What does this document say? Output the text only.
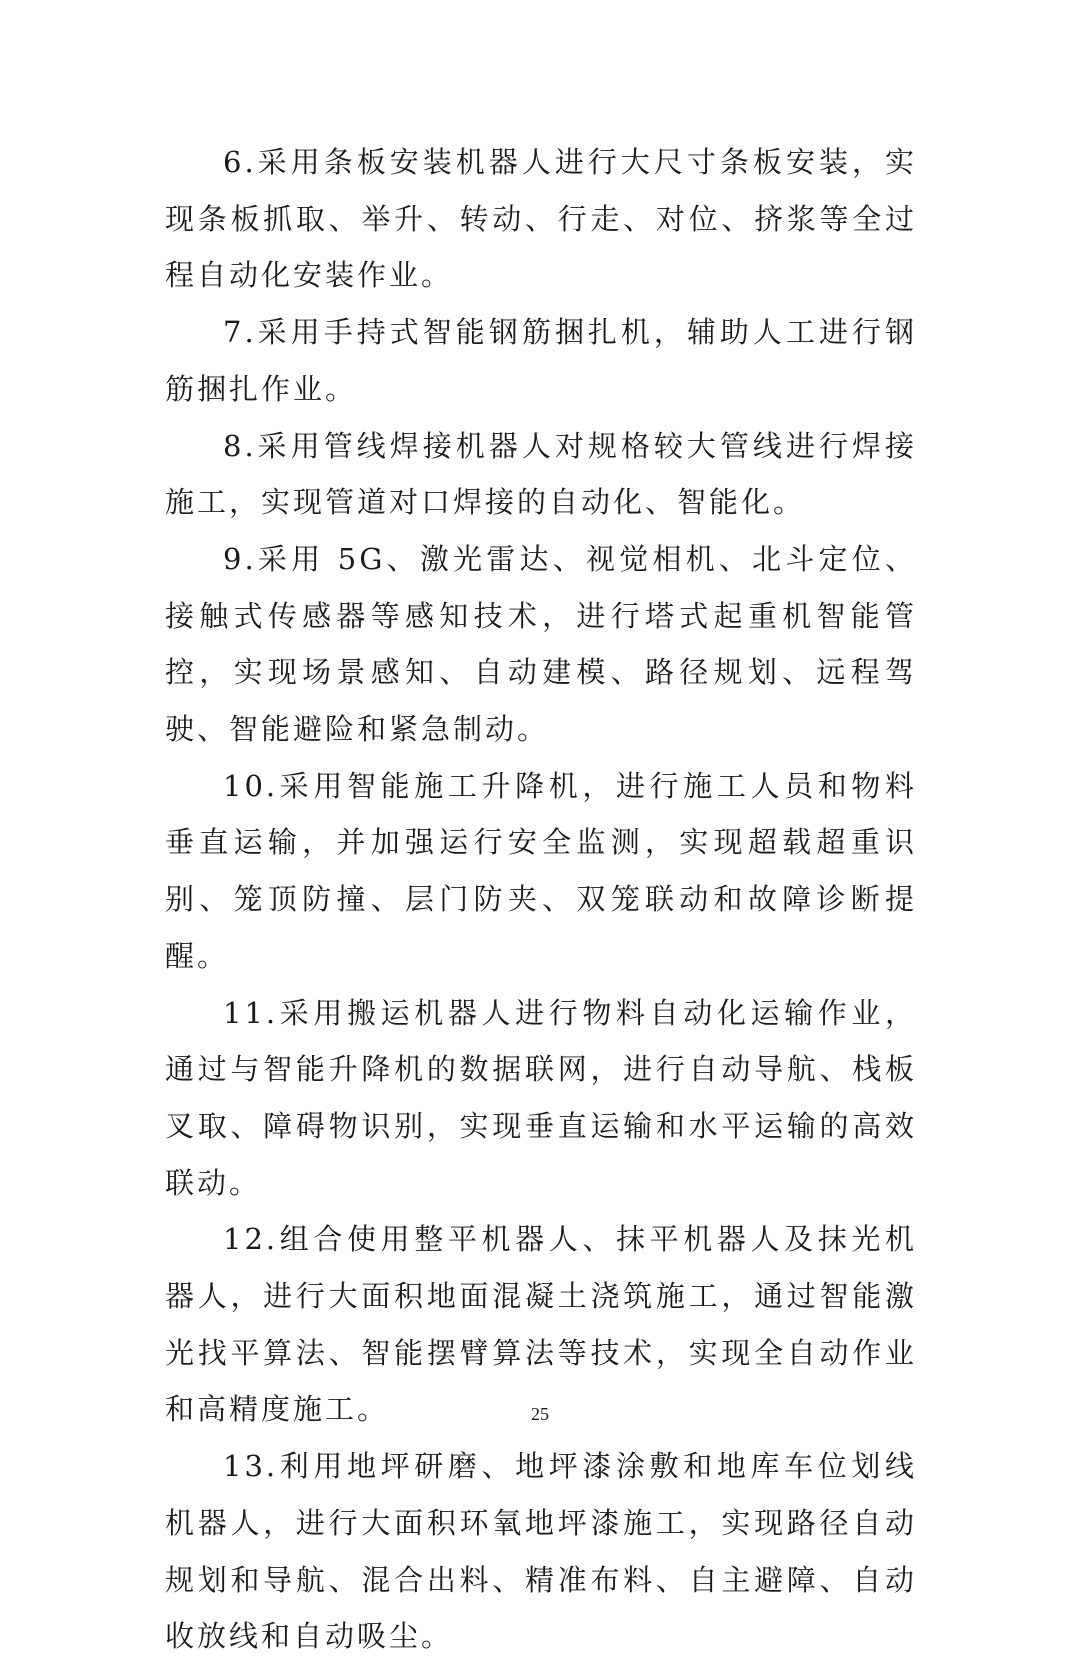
6.采用条板安装机器人进行大尺寸条板安装，实现条板抓取、举升、转动、行走、对位、挤浆等全过程自动化安装作业。

7.采用手持式智能钢筋捆扎机，辅助人工进行钢筋捆扎作业。

8.采用管线焊接机器人对规格较大管线进行焊接施工，实现管道对口焊接的自动化、智能化。

9.采用 5G、激光雷达、视觉相机、北斗定位、接触式传感器等感知技术，进行塔式起重机智能管控，实现场景感知、自动建模、路径规划、远程驾驶、智能避险和紧急制动。

10.采用智能施工升降机，进行施工人员和物料垂直运输，并加强运行安全监测，实现超载超重识别、笼顶防撞、层门防夹、双笼联动和故障诊断提醒。

11.采用搬运机器人进行物料自动化运输作业，通过与智能升降机的数据联网，进行自动导航、栈板叉取、障碍物识别，实现垂直运输和水平运输的高效联动。

12.组合使用整平机器人、抹平机器人及抹光机器人，进行大面积地面混凝土浇筑施工，通过智能激光找平算法、智能摆臂算法等技术，实现全自动作业和高精度施工。

13.利用地坪研磨、地坪漆涂敷和地库车位划线机器人，进行大面积环氧地坪漆施工，实现路径自动规划和导航、混合出料、精准布料、自主避障、自动收放线和自动吸尘。

25
